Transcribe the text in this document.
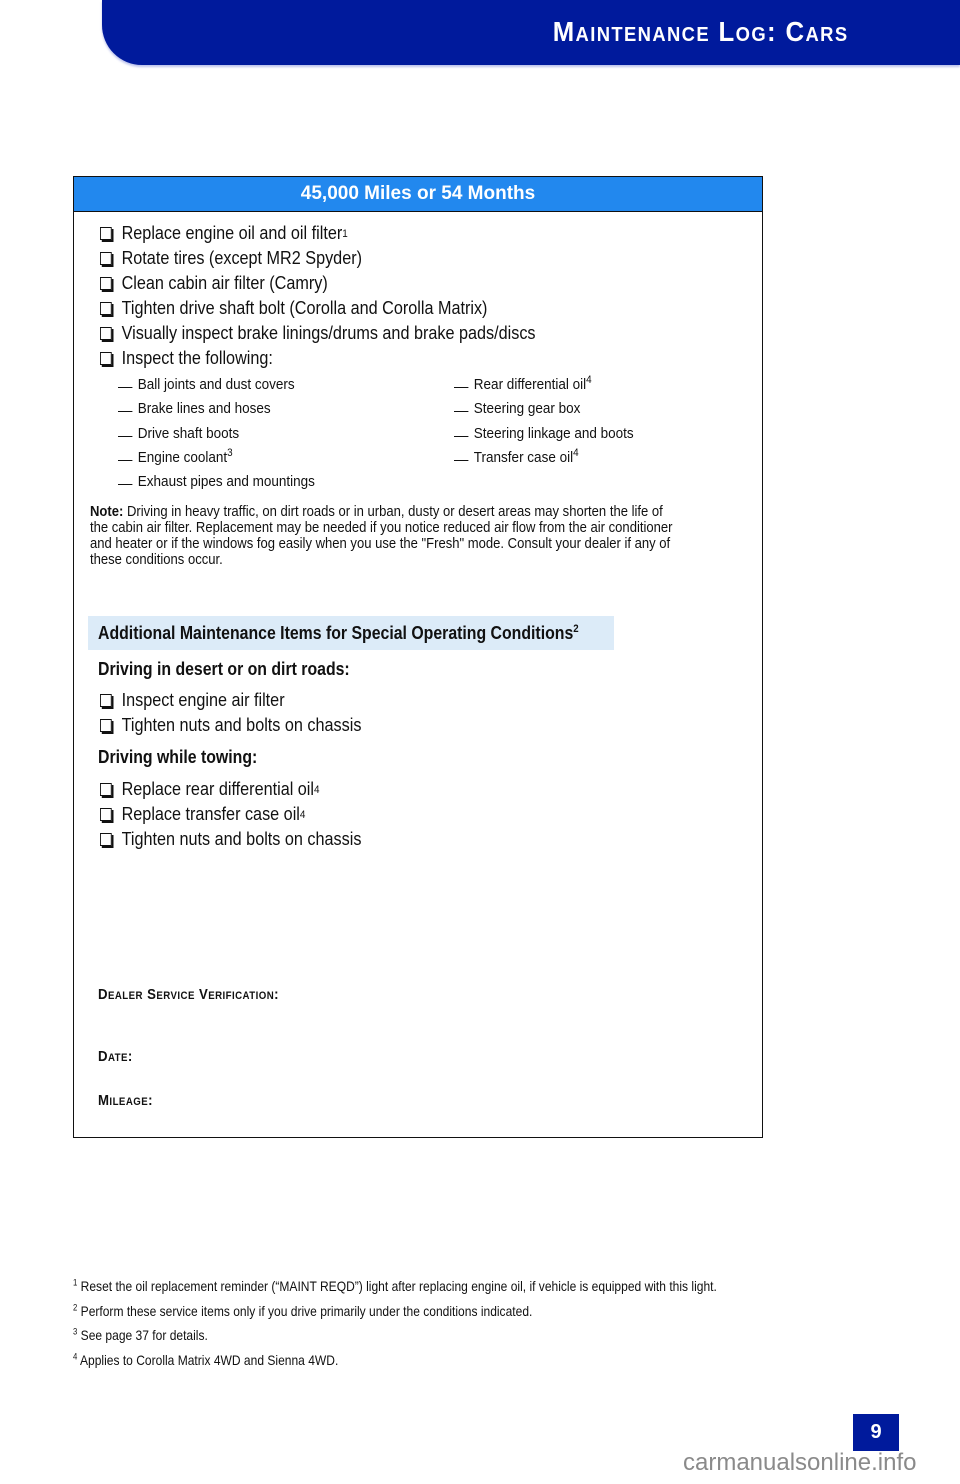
Maintenance Log: Cars
45,000 Miles or 54 Months
Replace engine oil and oil filter 1
Rotate tires (except MR2 Spyder)
Clean cabin air filter (Camry)
Tighten drive shaft bolt (Corolla and Corolla Matrix)
Visually inspect brake linings/drums and brake pads/discs
Inspect the following:
Ball joints and dust covers
Brake lines and hoses
Drive shaft boots
Engine coolant$^3$
Exhaust pipes and mountings
Rear differential oil$^4$
Steering gear box
Steering linkage and boots
Transfer case oil$^4$
Note: Driving in heavy traffic, on dirt roads or in urban, dusty or desert areas may shorten the life of the cabin air filter. Replacement may be needed if you notice reduced air flow from the air conditioner and heater or if the windows fog easily when you use the "Fresh" mode. Consult your dealer if any of these conditions occur.
Additional Maintenance Items for Special Operating Conditions$^2$
Driving in desert or on dirt roads:
Inspect engine air filter
Tighten nuts and bolts on chassis
Driving while towing:
Replace rear differential oil 4
Replace transfer case oil 4
Tighten nuts and bolts on chassis
Dealer Service Verification:
Date:
Mileage:
$^1$ Reset the oil replacement reminder (“MAINT REQD”) light after replacing engine oil, if vehicle is equipped with this light.
$^2$ Perform these service items only if you drive primarily under the conditions indicated.
$^3$ See page 37 for details.
$^4$ Applies to Corolla Matrix 4WD and Sienna 4WD.
9
carmanualsonline.info
